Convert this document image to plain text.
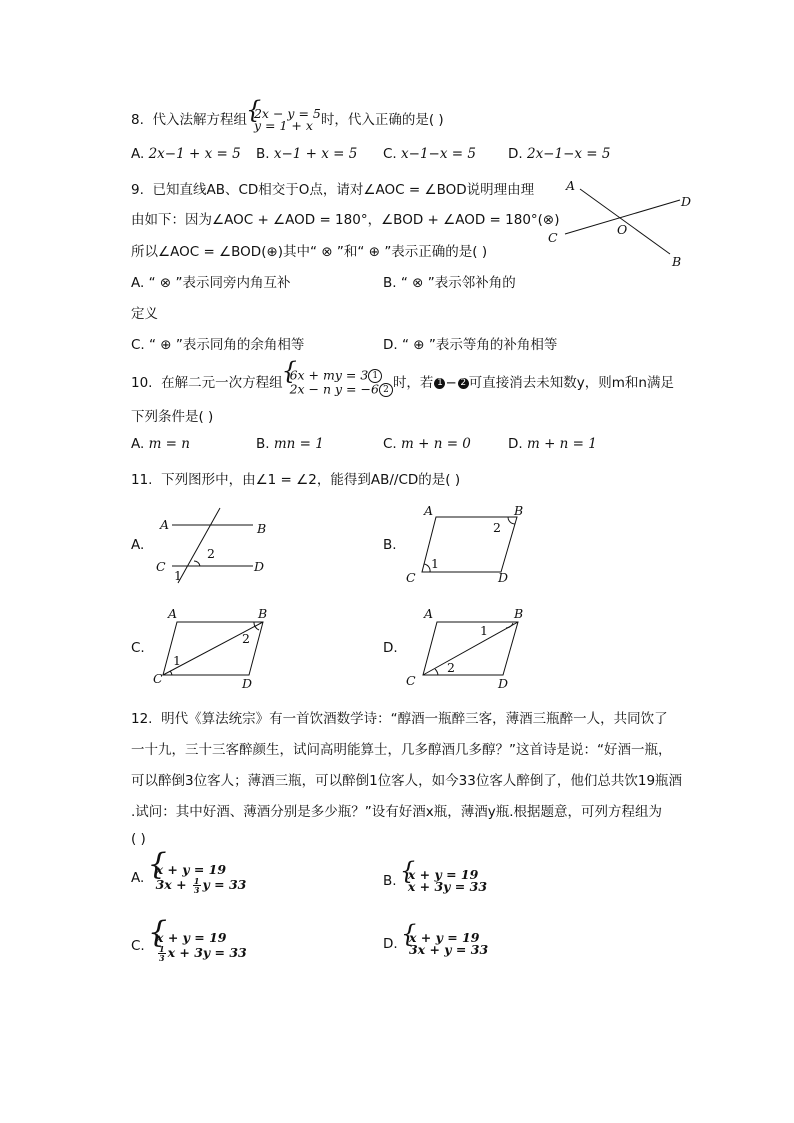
8. 代入法解方程组 { 2x − y = 5
y = 1 + x 时，代入正确的是( )
A. 2x−1 + x = 5 B. x−1 + x = 5 C. x−1−x = 5 D. 2x−1−x = 5
9. 已知直线AB、CD相交于O点，请对∠AOC = ∠BOD说明理由理
由如下：因为∠AOC + ∠AOD = 180°，∠BOD + ∠AOD = 180°(⊗)
所以∠AOC = ∠BOD(⊕)其中“ ⊗ ”和“ ⊕ ”表示正确的是( )
A. “ ⊗ ”表示同旁内角互补	B. “ ⊗ ”表示邻补角的
定义
C. “ ⊕ ”表示同角的余角相等	D. “ ⊕ ”表示等角的补角相等
A
B
C
D
O
10. 在解二元一次方程组 { 6x + my = 3 1
2x − n y = −6 2 时，若 1 − 2 可直接消去未知数y，则m和n满足
下列条件是( )
A. m = n	B. mn = 1	C. m + n = 0	D. m + n = 1
11. 下列图形中，由∠1 = ∠2，能得到AB//CD的是( )
A.
A	B
C	D
2
1
B.
A	B
C	D
2
1
C.
A	B
C	D
2
1
D.
A	B
C	D
1
2
12. 明代《算法统宗》有一首饮酒数学诗：“醇酒一瓶醉三客，薄酒三瓶醉一人，共同饮了
一十九，三十三客醉颜生，试问高明能算士，几多醇酒几多醇？”这首诗是说：“好酒一瓶，
可以醉倒3位客人；薄酒三瓶，可以醉倒1位客人，如今33位客人醉倒了，他们总共饮19瓶酒
.试问：其中好酒、薄酒分别是多少瓶？”设有好酒x瓶，薄酒y瓶.根据题意，可列方程组为
( )
A. { x + y = 19
$3x + \frac{1}{3}$ y = 33	B. { x + y = 19
x + 3y = 33
C. { x + y = 19

$\frac{1}{3}$ x + 3y = 33
D. { x + y = 19
3x + y = 33
